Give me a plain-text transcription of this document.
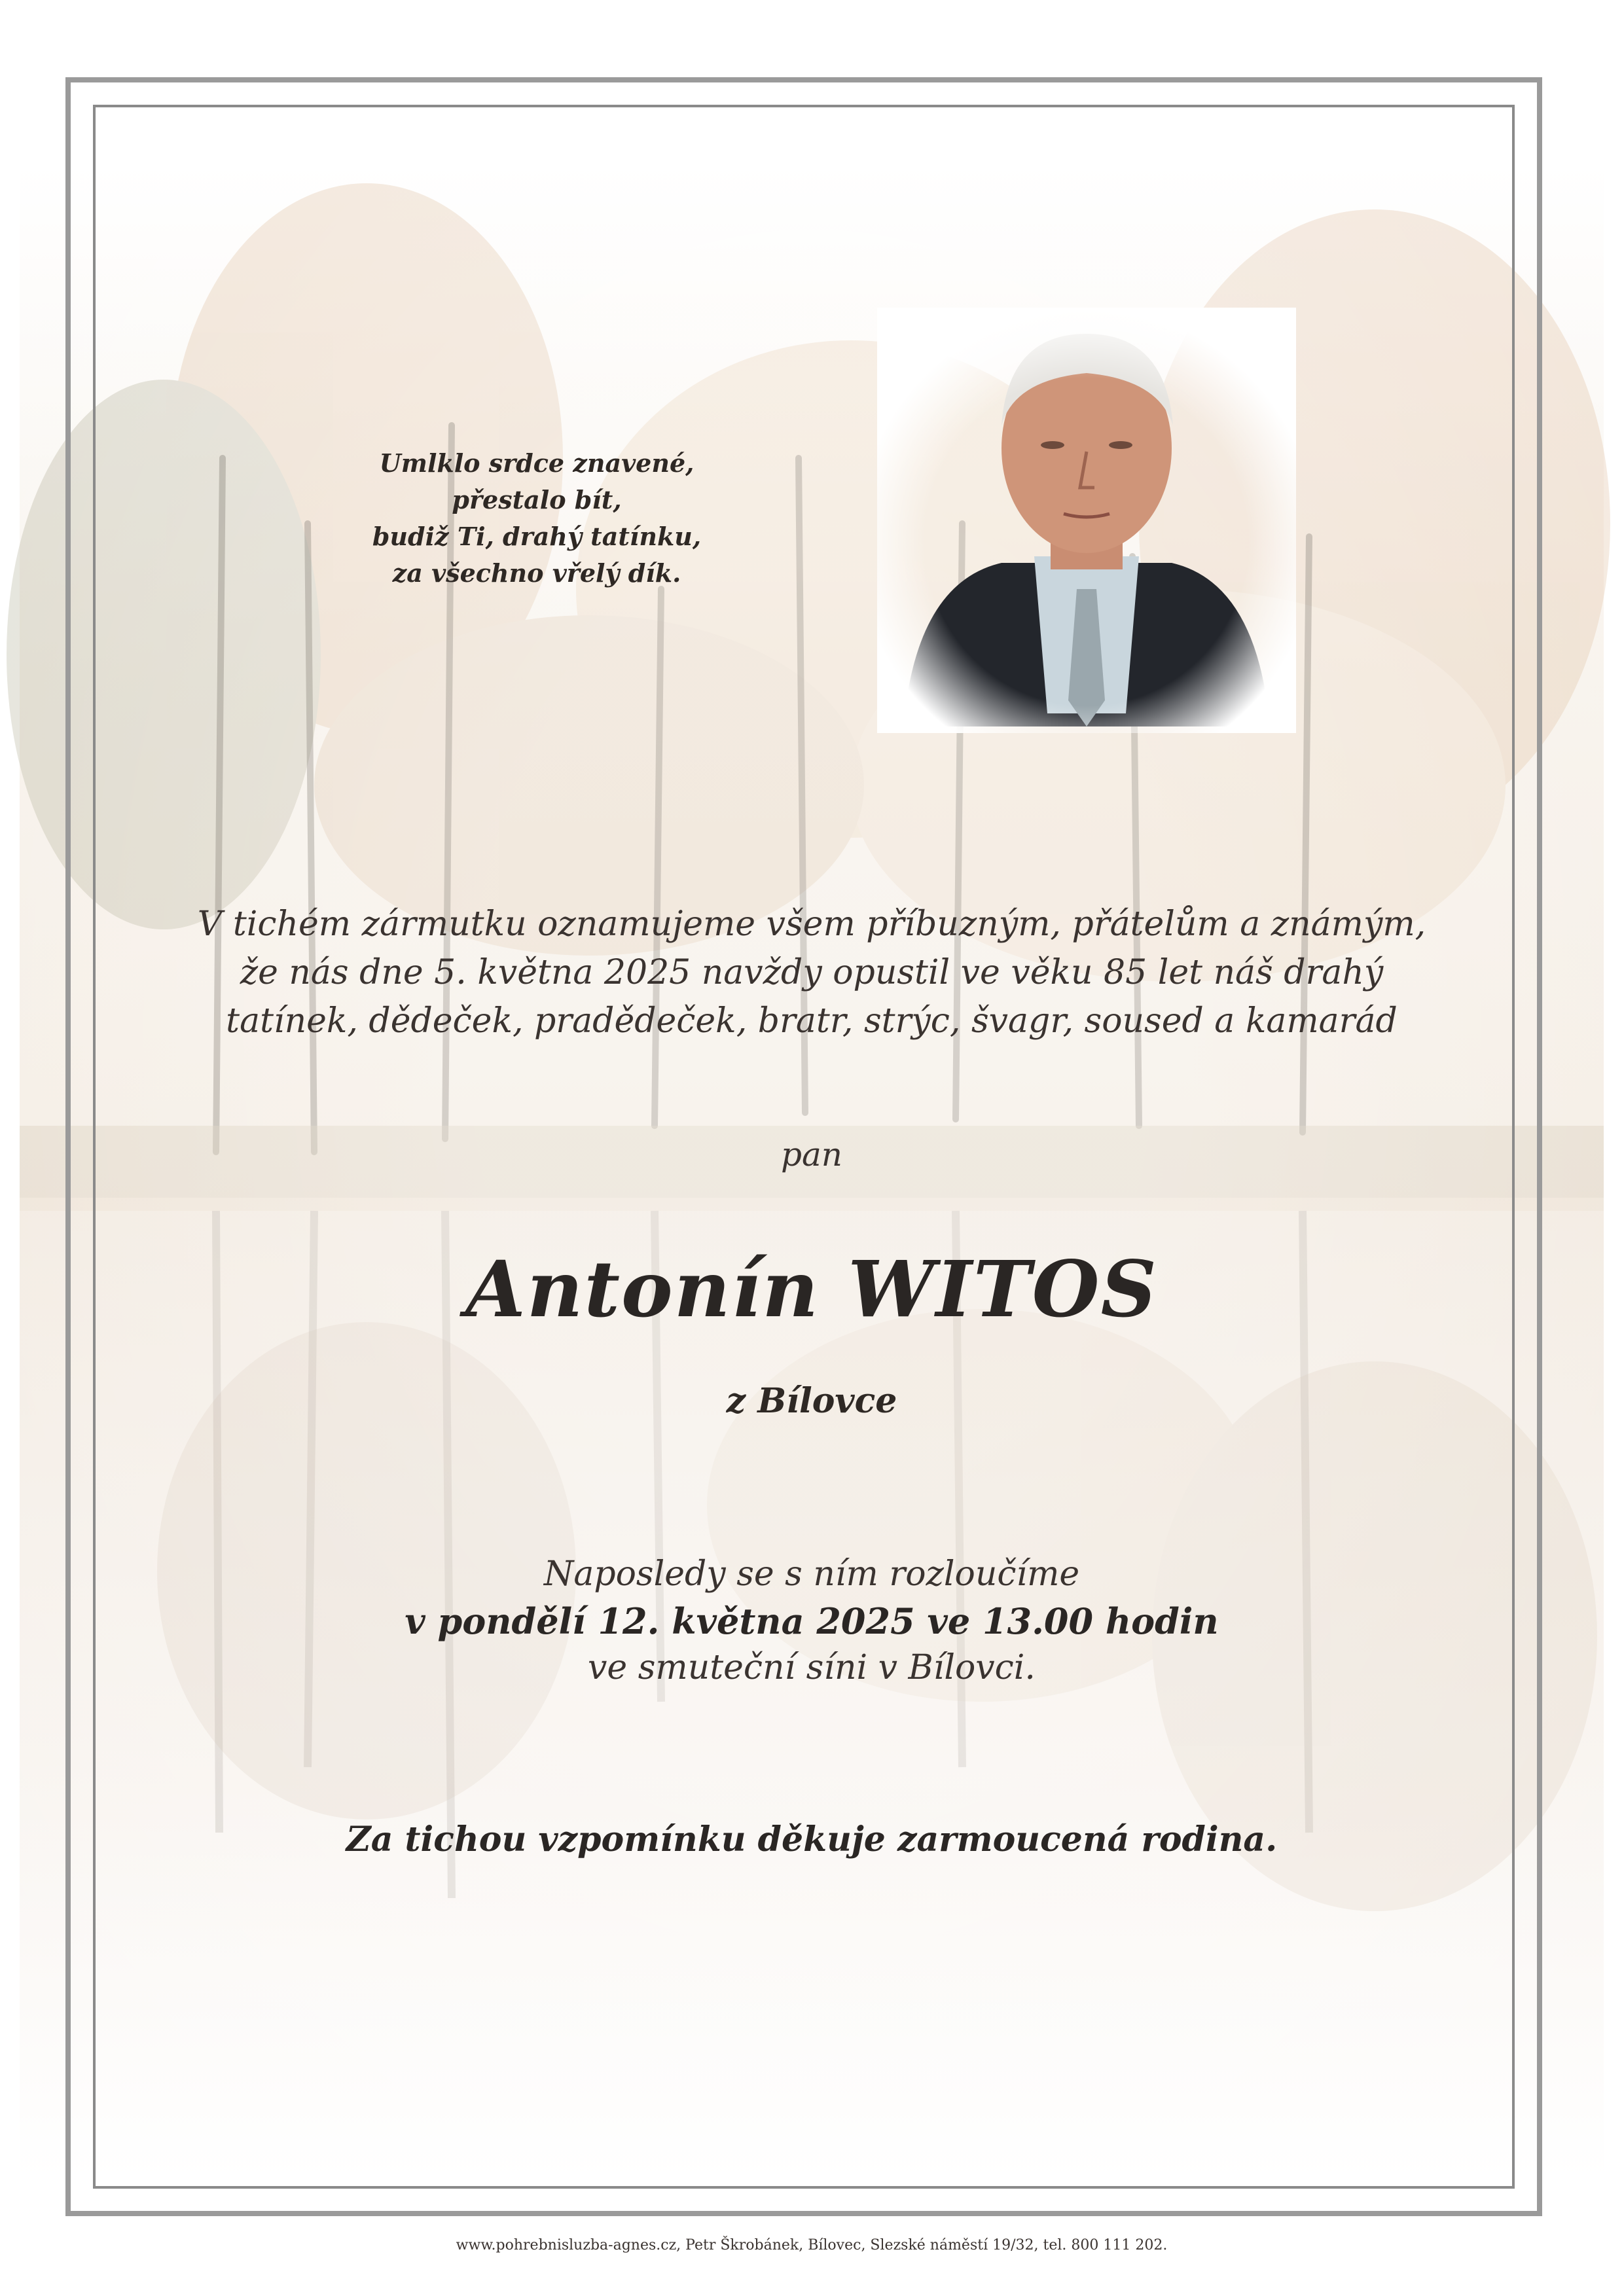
Umlklo srdce znavené,
přestalo bít,
budiž Ti, drahý tatínku,
za všechno vřelý dík.
V tichém zármutku oznamujeme všem příbuzným, přátelům a známým,
že nás dne 5. května 2025 navždy opustil ve věku 85 let náš drahý
tatínek, dědeček, pradědeček, bratr, strýc, švagr, soused a kamarád
pan
Antonín WITOS
z Bílovce
Naposledy se s ním rozloučíme
v pondělí 12. května 2025 ve 13.00 hodin
ve smuteční síni v Bílovci.
Za tichou vzpomínku děkuje zarmoucená rodina.
www.pohrebnisluzba-agnes.cz, Petr Škrobánek, Bílovec, Slezské náměstí 19/32, tel. 800 111 202.
